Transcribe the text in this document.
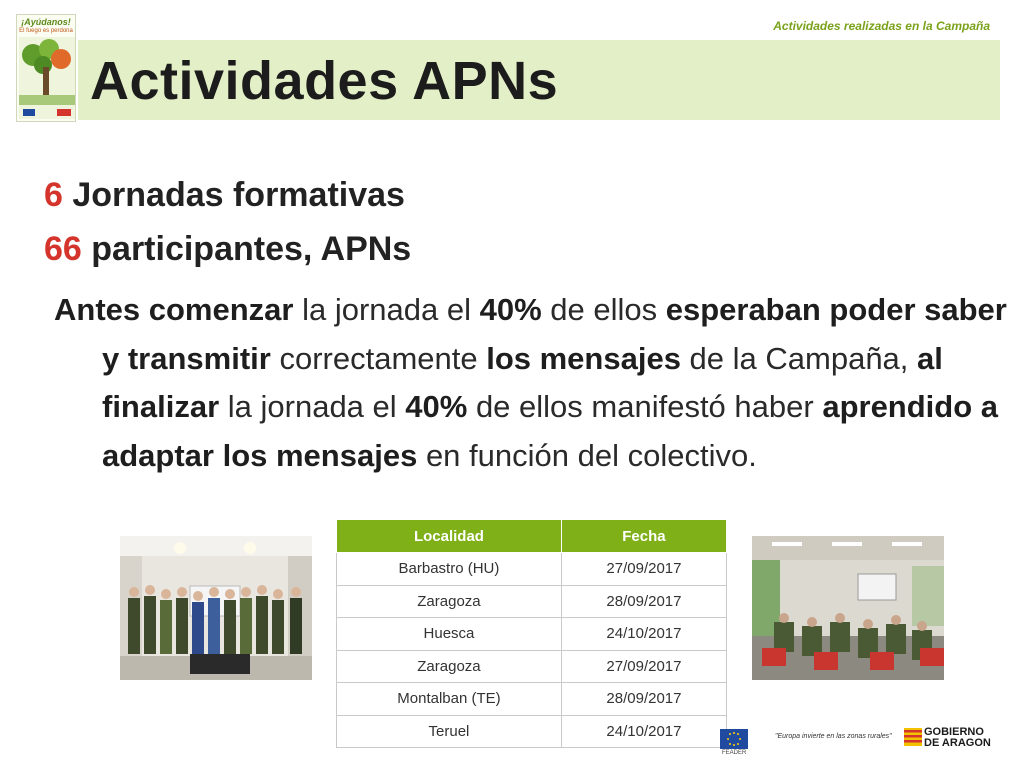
Actividades realizadas en la Campaña
¡Ayúdanos!
El fuego es perdona
Actividades APNs
6 Jornadas formativas
66 participantes, APNs

Antes comenzar la jornada el 40% de ellos esperaban poder saber y transmitir correctamente los mensajes de la Campaña, al finalizar la jornada el 40% de ellos manifestó haber aprendido a adaptar los mensajes en función del colectivo.

Localidad	Fecha
Barbastro (HU)	27/09/2017
Zaragoza	28/09/2017
Huesca	24/10/2017
Zaragoza	27/09/2017
Montalban (TE)	28/09/2017
Teruel	24/10/2017
FEADER
"Europa invierte en las zonas rurales"	GOBIERNO
DE ARAGON
